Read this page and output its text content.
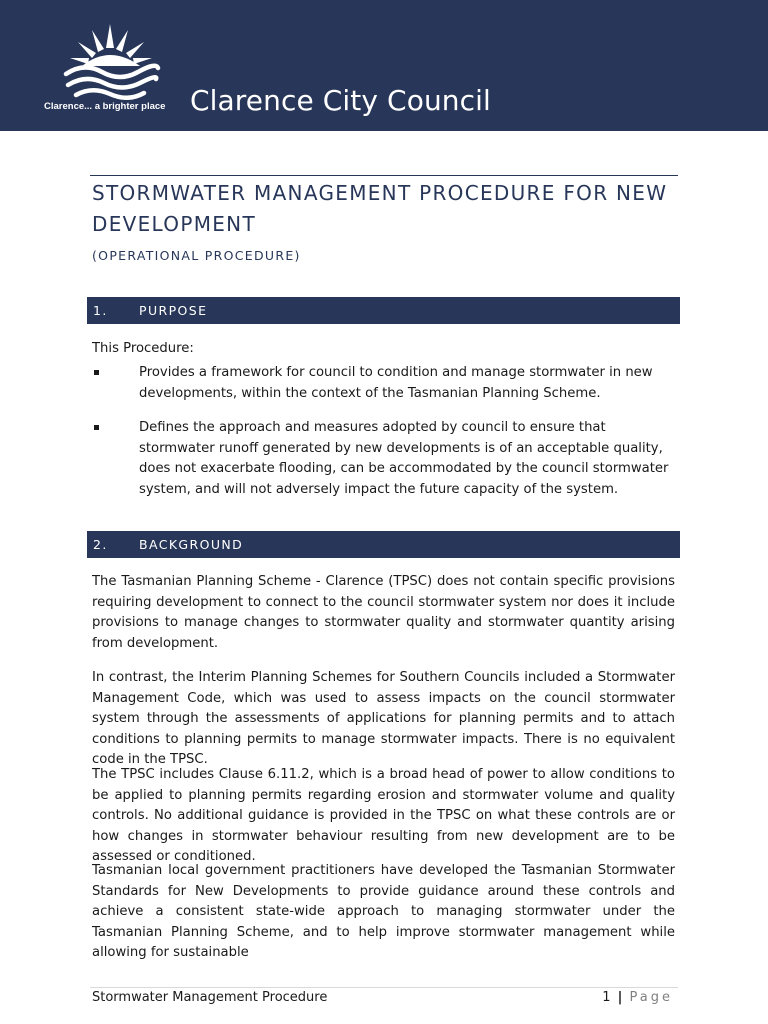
Clarence... a brighter place Clarence City Council
STORMWATER MANAGEMENT PROCEDURE FOR NEW DEVELOPMENT
(OPERATIONAL PROCEDURE)
1.	PURPOSE

This Procedure:

Provides a framework for council to condition and manage stormwater in new developments, within the context of the Tasmanian Planning Scheme.

Defines the approach and measures adopted by council to ensure that stormwater runoff generated by new developments is of an acceptable quality, does not exacerbate flooding, can be accommodated by the council stormwater system, and will not adversely impact the future capacity of the system.

2.	BACKGROUND

The Tasmanian Planning Scheme - Clarence (TPSC) does not contain specific provisions requiring development to connect to the council stormwater system nor does it include provisions to manage changes to stormwater quality and stormwater quantity arising from development.

In contrast, the Interim Planning Schemes for Southern Councils included a Stormwater Management Code, which was used to assess impacts on the council stormwater system through the assessments of applications for planning permits and to attach conditions to planning permits to manage stormwater impacts. There is no equivalent code in the TPSC.

The TPSC includes Clause 6.11.2, which is a broad head of power to allow conditions to be applied to planning permits regarding erosion and stormwater volume and quality controls. No additional guidance is provided in the TPSC on what these controls are or how changes in stormwater behaviour resulting from new development are to be assessed or conditioned.

Tasmanian local government practitioners have developed the Tasmanian Stormwater Standards for New Developments to provide guidance around these controls and achieve a consistent state-wide approach to managing stormwater under the Tasmanian Planning Scheme, and to help improve stormwater management while allowing for sustainable

Stormwater Management Procedure	1 | Page
